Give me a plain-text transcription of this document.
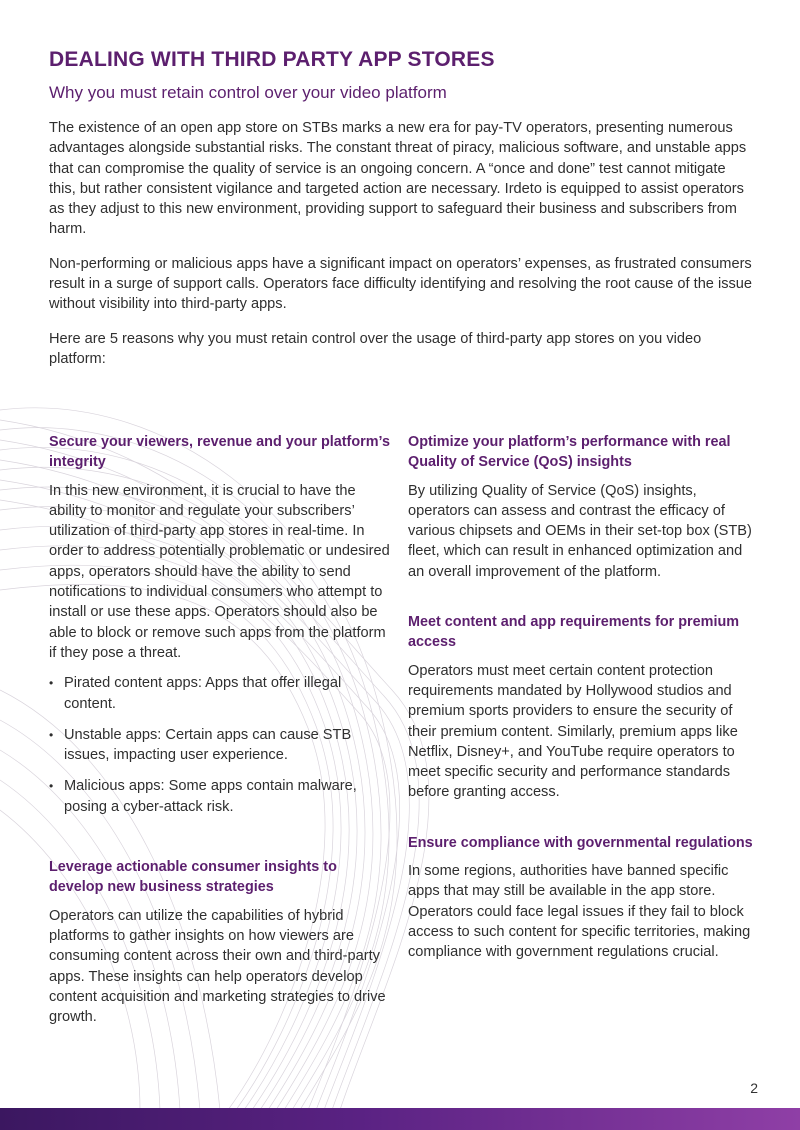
DEALING WITH THIRD PARTY APP STORES
Why you must retain control over your video platform

The existence of an open app store on STBs marks a new era for pay-TV operators, presenting numerous advantages alongside substantial risks. The constant threat of piracy, malicious software, and unstable apps that can compromise the quality of service is an ongoing concern. A “once and done” test cannot mitigate this, but rather consistent vigilance and targeted action are necessary. Irdeto is equipped to assist operators as they adjust to this new environment, providing support to safeguard their business and subscribers from harm.

Non-performing or malicious apps have a significant impact on operators’ expenses, as frustrated consumers result in a surge of support calls. Operators face difficulty identifying and resolving the root cause of the issue without visibility into third-party apps.

Here are 5 reasons why you must retain control over the usage of third-party app stores on you video platform:

Secure your viewers, revenue and your platform’s integrity

In this new environment, it is crucial to have the ability to monitor and regulate your subscribers’ utilization of third-party app stores in real-time. In order to address potentially problematic or undesired apps, operators should have the ability to send notifications to individual consumers who attempt to install or use these apps. Operators should also be able to block or remove such apps from the platform if they pose a threat.

• Pirated content apps: Apps that offer illegal content.
• Unstable apps: Certain apps can cause STB issues, impacting user experience.
• Malicious apps: Some apps contain malware, posing a cyber-attack risk.
Leverage actionable consumer insights to develop new business strategies

Operators can utilize the capabilities of hybrid platforms to gather insights on how viewers are consuming content across their own and third-party apps. These insights can help operators develop content acquisition and marketing strategies to drive growth.

Optimize your platform’s performance with real Quality of Service (QoS) insights

By utilizing Quality of Service (QoS) insights, operators can assess and contrast the efficacy of various chipsets and OEMs in their set-top box (STB) fleet, which can result in enhanced optimization and an overall improvement of the platform.

Meet content and app requirements for premium access

Operators must meet certain content protection requirements mandated by Hollywood studios and premium sports providers to ensure the security of their premium content. Similarly, premium apps like Netflix, Disney+, and YouTube require operators to meet specific security and performance standards before granting access.

Ensure compliance with governmental regulations

In some regions, authorities have banned specific apps that may still be available in the app store. Operators could face legal issues if they fail to block access to such content for specific territories, making compliance with government regulations crucial.

2
